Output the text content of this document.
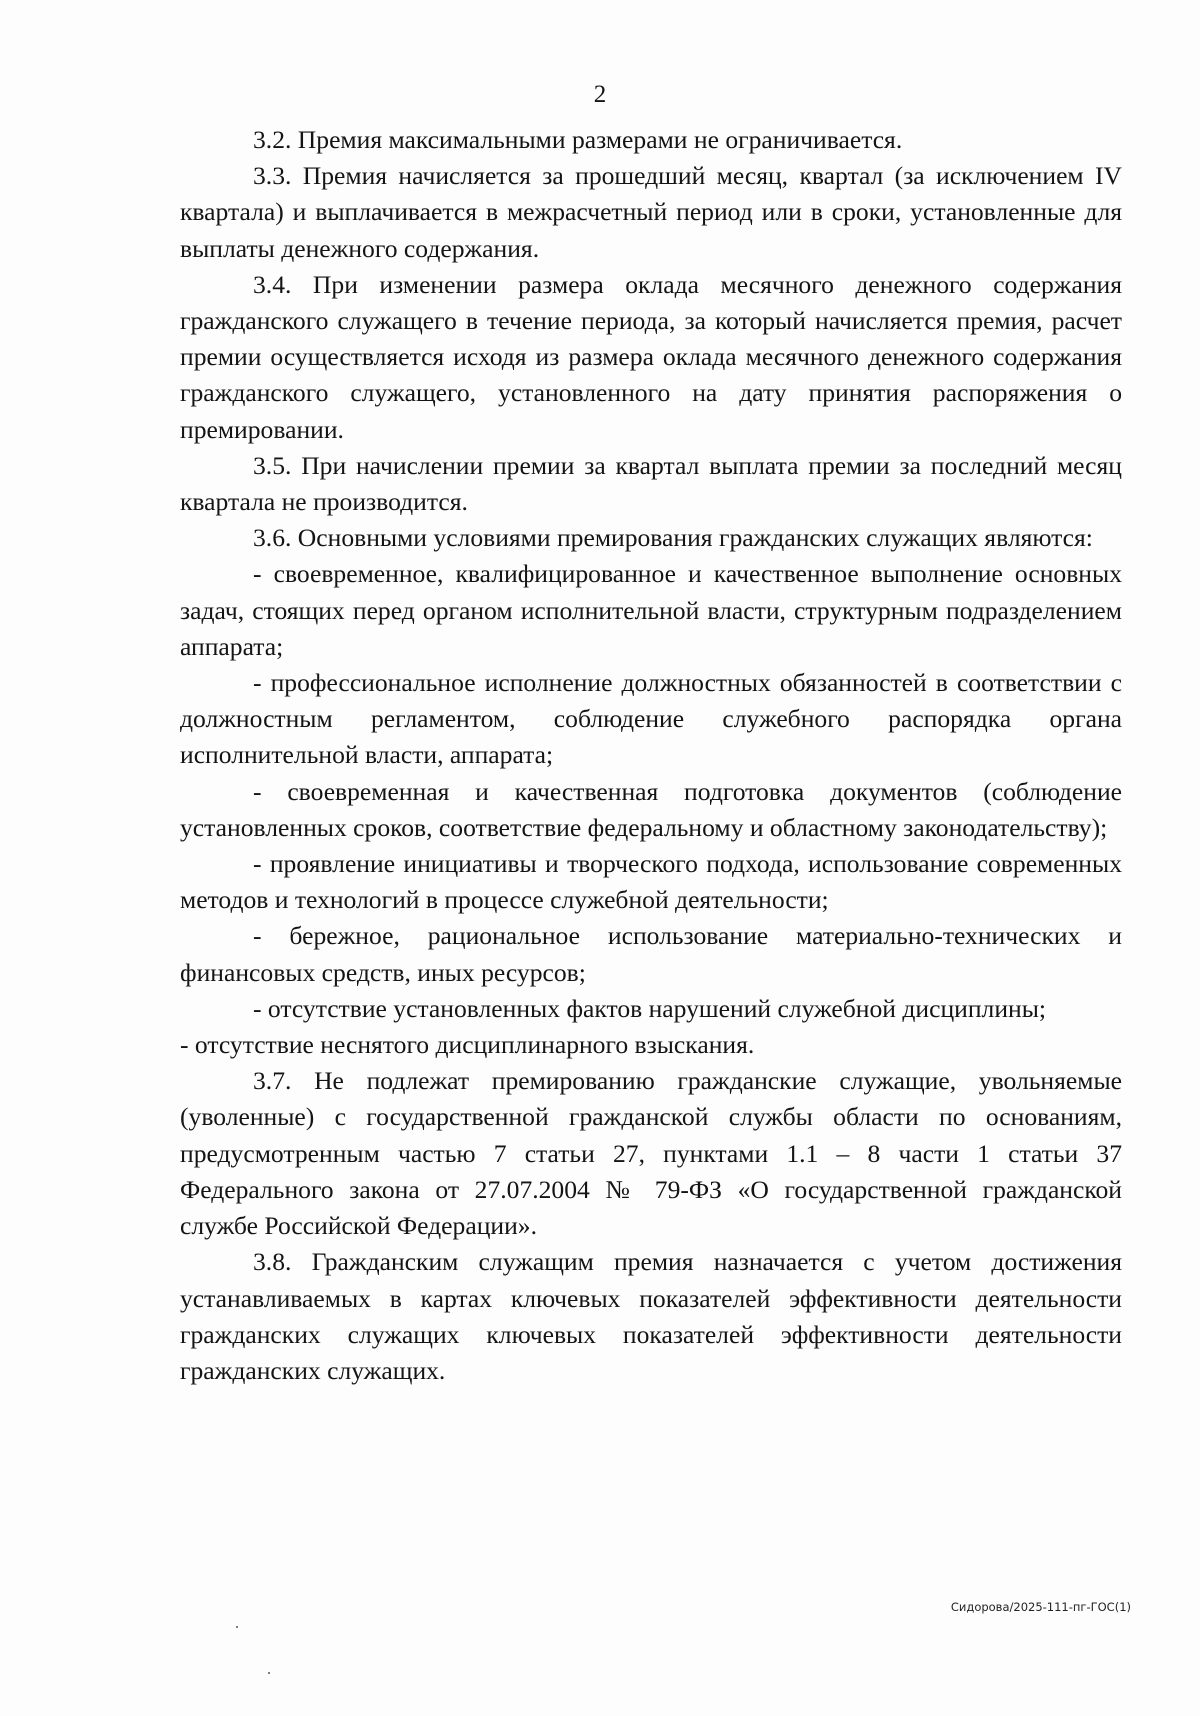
2

3.2. Премия максимальными размерами не ограничивается.

3.3. Премия начисляется за прошедший месяц, квартал (за исключением IV квартала) и выплачивается в межрасчетный период или в сроки, установленные для выплаты денежного содержания.

3.4. При изменении размера оклада месячного денежного содержания гражданского служащего в течение периода, за который начисляется премия, расчет премии осуществляется исходя из размера оклада месячного денежного содержания гражданского служащего, установленного на дату принятия распоряжения о премировании.

3.5. При начислении премии за квартал выплата премии за последний месяц квартала не производится.

3.6. Основными условиями премирования гражданских служащих являются:

- своевременное, квалифицированное и качественное выполнение основных задач, стоящих перед органом исполнительной власти, структурным подразделением аппарата;

- профессиональное исполнение должностных обязанностей в соответствии с должностным регламентом, соблюдение служебного распорядка органа исполнительной власти, аппарата;

- своевременная и качественная подготовка документов (соблюдение установленных сроков, соответствие федеральному и областному законодательству);

- проявление инициативы и творческого подхода, использование современных методов и технологий в процессе служебной деятельности;

- бережное, рациональное использование материально-технических и финансовых средств, иных ресурсов;

- отсутствие установленных фактов нарушений служебной дисциплины;

- отсутствие неснятого дисциплинарного взыскания.

3.7. Не подлежат премированию гражданские служащие, увольняемые (уволенные) с государственной гражданской службы области по основаниям, предусмотренным частью 7 статьи 27, пунктами 1.1 – 8 части 1 статьи 37 Федерального закона от 27.07.2004 № 79-ФЗ «О государственной гражданской службе Российской Федерации».

3.8. Гражданским служащим премия назначается с учетом достижения устанавливаемых в картах ключевых показателей эффективности деятельности гражданских служащих ключевых показателей эффективности деятельности гражданских служащих.

Сидорова/2025-111-пг-ГОС(1)
